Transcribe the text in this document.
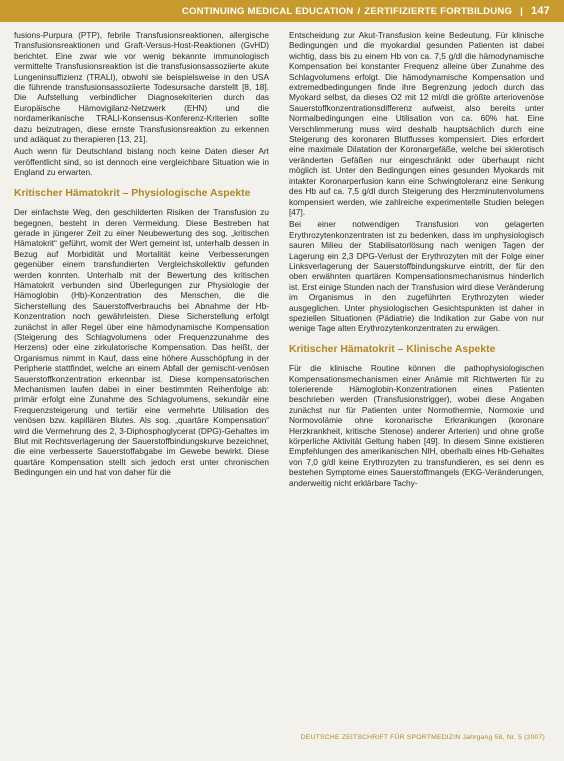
CONTINUING MEDICAL EDUCATION / ZERTIFIZIERTE FORTBILDUNG | 147

fusions-Purpura (PTP), febrile Transfusionsreaktionen, allergische Transfusionsreaktionen und Graft-Versus-Host-Reaktionen (GvHD) berichtet. Eine zwar wie vor wenig bekannte immunologisch vermittelte Transfusionsreaktion ist die transfusionsassoziierte akute Lungeninsuffizienz (TRALI), obwohl sie beispielsweise in den USA die führende transfusionsassoziierte Todesursache darstellt [8, 18]. Die Aufstellung verbindlicher Diagnosekriterien durch das Europäische Hämovigilanz-Netzwerk (EHN) und die nordamerikanische TRALI-Konsensus-Konferenz-Kriterien sollte dazu beizutragen, diese ernste Transfusionsreaktion zu erkennen und adäquat zu therapieren [13, 21].

Auch wenn für Deutschland bislang noch keine Daten dieser Art veröffentlicht sind, so ist dennoch eine vergleichbare Situation wie in England zu erwarten.

Kritischer Hämatokrit – Physiologische Aspekte

Der einfachste Weg, den geschilderten Risiken der Transfusion zu begegnen, besteht in deren Vermeidung. Diese Bestreben hat gerade in jüngerer Zeit zu einer Neubewertung des sog. „kritischen Hämatokrit“ geführt, womit der Wert gemeint ist, unterhalb dessen in Bezug auf Morbidität und Mortalität keine Verbesserungen gegenüber einem transfundierten Vergleichskollektiv gefunden werden konnten. Unterhalb mit der Bewertung des kritischen Hämatokrit verbunden sind Überlegungen zur Physiologie der Hämoglobin (Hb)-Konzentration des Menschen, die die Sicherstellung des Sauerstoffverbrauchs bei Abnahme der Hb-Konzentration noch gewährleisten. Diese Sicherstellung erfolgt zunächst in aller Regel über eine hämodynamische Kompensation (Steigerung des Schlagvolumens oder Frequenzzunahme des Herzens) oder eine zirkulatorische Kompensation. Das heißt, der Organismus nimmt in Kauf, dass eine höhere Ausschöpfung in der Peripherie stattfindet, welche an einem Abfall der gemischt-venösen Sauerstoffkonzentration erkennbar ist. Diese kompensatorischen Mechanismen laufen dabei in einer bestimmten Reihenfolge ab: primär erfolgt eine Zunahme des Schlagvolumens, sekundär eine Frequenzsteigerung und tertiär eine vermehrte Utilisation des venösen bzw. kapillären Blutes. Als sog. „quartäre Kompensation“ wird die Vermehrung des 2, 3-Diphosphoglycerat (DPG)-Gehaltes im Blut mit Rechtsverlagerung der Sauerstoffbindungskurve bezeichnet, die eine verbesserte Sauerstoffabgabe im Gewebe bewirkt. Diese quartäre Kompensation stellt sich jedoch erst unter chronischen Bedingungen ein und hat von daher für die

Entscheidung zur Akut-Transfusion keine Bedeutung. Für klinische Bedingungen und die myokardial gesunden Patienten ist dabei wichtig, dass bis zu einem Hb von ca. 7,5 g/dl die hämodynamische Kompensation bei konstanter Frequenz alleine über Zunahme des Schlagvolumens erfolgt. Die hämodynamische Kompensation und extremedbedingungen finde ihre Begrenzung jedoch durch das Myokard selbst, da dieses O2 mit 12 ml/dl die größte arteriovenöse Sauerstoffkonzentrationsdifferenz aufweist, also bereits unter Normalbedingungen eine Utilisation von ca. 60% hat. Eine Verschlimmerung muss wird deshalb hauptsächlich durch eine Steigerung des koronaren Blutflusses kompensiert. Dies erfordert eine maximale Dilatation der Koronargefäße, welche bei sklerotisch veränderten Gefäßen nur eingeschränkt oder überhaupt nicht möglich ist. Unter den Bedingungen eines gesunden Myokards mit intakter Koronarperfusion kann eine Schwingtoleranz eine Senkung des Hb auf ca. 7,5 g/dl durch Steigerung des Herzminutenvolumens kompensiert werden, wie zahlreiche experimentelle Studien belegen [47].

Bei einer notwendigen Transfusion von gelagerten Erythrozytenkonzentraten ist zu bedenken, dass im unphysiologisch sauren Milieu der Stabilisatorlösung nach wenigen Tagen der Lagerung ein 2,3 DPG-Verlust der Erythrozyten mit der Folge einer Linksverlagerung der Sauerstoffbindungskurve eintritt, der für den oben erwähnten quartären Kompensationsmechanismus hinderlich ist. Erst einige Stunden nach der Transfusion wird diese Veränderung im Organismus in den zugeführten Erythrozyten wieder ausgeglichen. Unter physiologischen Gesichtspunkten ist daher in speziellen Situationen (Pädiatrie) die Indikation zur Gabe von nur wenige Tage alten Erythrozytenkonzentraten zu erwägen.

Kritischer Hämatokrit – Klinische Aspekte

Für die klinische Routine können die pathophysiologischen Kompensationsmechanismen einer Anämie mit Richtwerten für zu tolerierende Hämoglobin-Konzentrationen eines Patienten beschrieben werden (Transfusionstrigger), wobei diese Angaben zunächst nur für Patienten unter Normothermie, Normoxie und Normovolämie ohne koronarische Erkrankungen (koronare Herzkrankheit, kritische Stenose) anderer Arterien) und ohne große körperliche Aktivität Geltung haben [49]. In diesem Sinne existieren Empfehlungen des amerikanischen NIH, oberhalb eines Hb-Gehaltes von 7,0 g/dl keine Erythrozyten zu transfundieren, es sei denn es bestehen Symptome eines Sauerstoffmangels (EKG-Veränderungen, anderweitig nicht erklärbare Tachy-

DEUTSCHE ZEITSCHRIFT FÜR SPORTMEDIZIN Jahrgang 58, Nr. 5 (2007)
